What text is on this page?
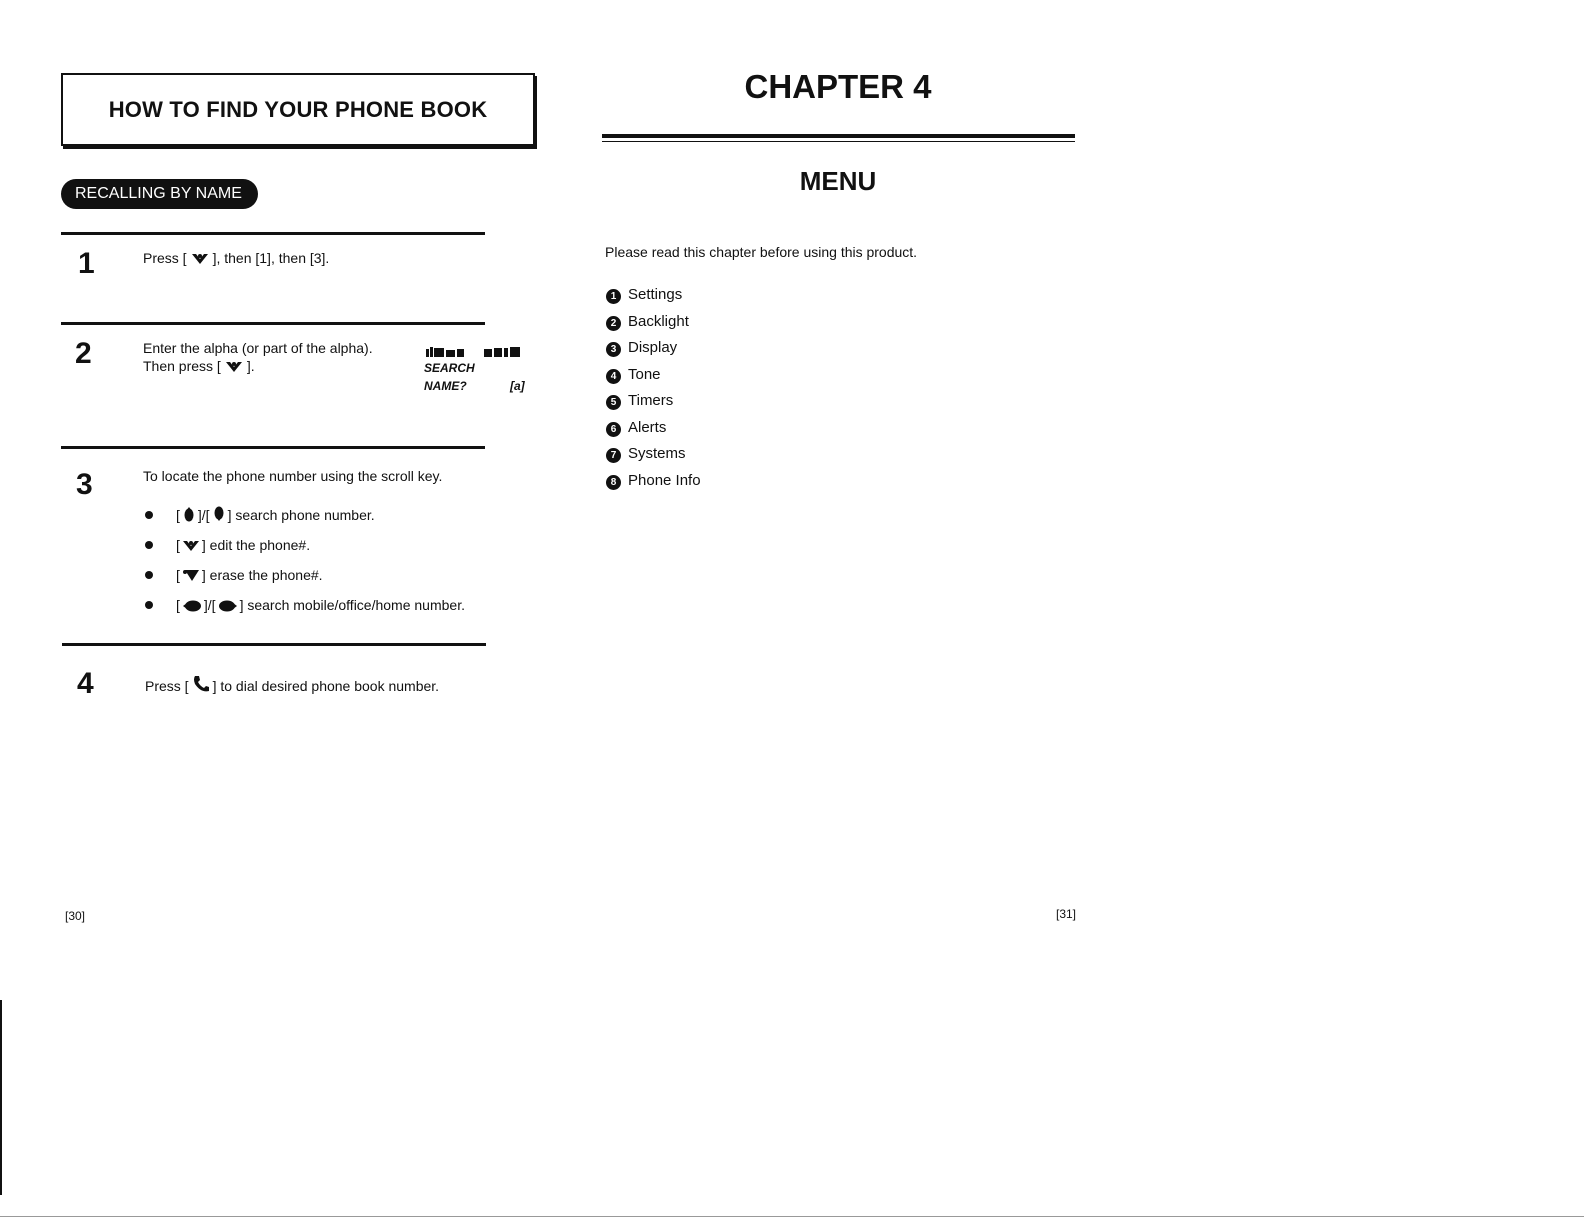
HOW TO FIND YOUR PHONE BOOK
RECALLING BY NAME
1	Press [ ], then [1], then [3].
2	Enter the alpha (or part of the alpha).
Then press [ ].	SEARCH
NAME?	[a]
3	To locate the phone number using the scroll key.
[ ]/[ ] search phone number.
[ ] edit the phone#.
[ ] erase the phone#.
[ ]/[ ] search mobile/office/home number.
4	Press [ ] to dial desired phone book number.
[30]
CHAPTER 4
MENU
Please read this chapter before using this product.
1 Settings
2 Backlight
3 Display
4 Tone
5 Timers
6 Alerts
7 Systems
8 Phone Info
[31]
